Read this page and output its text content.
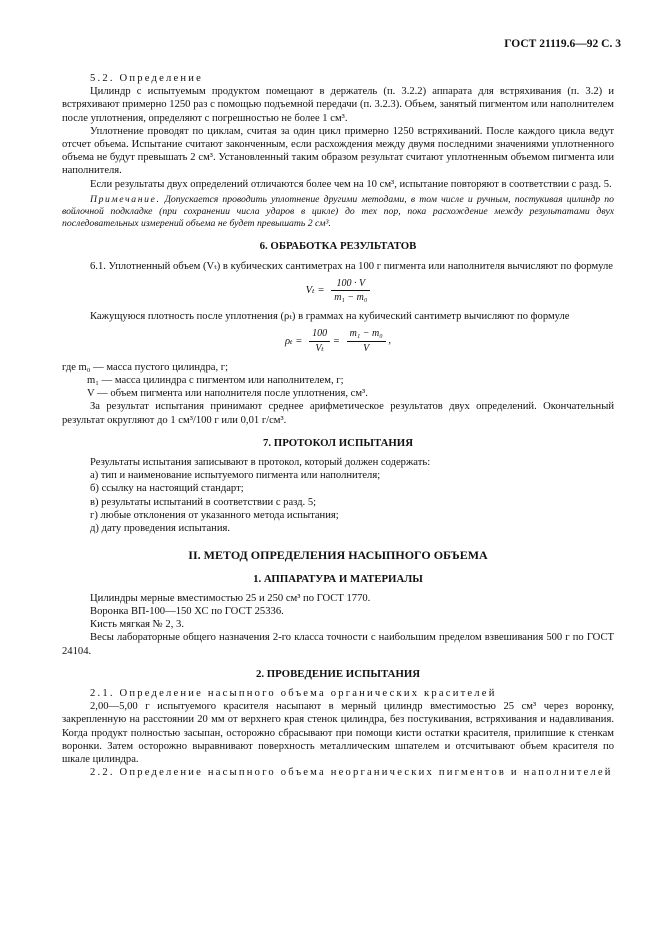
ГОСТ 21119.6—92 С. 3

5.2. Определение

Цилиндр с испытуемым продуктом помещают в держатель (п. 3.2.2) аппарата для встряхивания (п. 3.2) и встряхивают примерно 1250 раз с помощью подъемной передачи (п. 3.2.3). Объем, занятый пигментом или наполнителем после уплотнения, определяют с погрешностью не более 1 см³.

Уплотнение проводят по циклам, считая за один цикл примерно 1250 встряхиваний. После каждого цикла ведут отсчет объема. Испытание считают законченным, если расхождения между двумя последними значениями уплотненного объема не будут превышать 2 см³. Установленный таким образом результат считают уплотненным объемом пигмента или наполнителя.

Если результаты двух определений отличаются более чем на 10 см³, испытание повторяют в соответствии с разд. 5.

Примечание. Допускается проводить уплотнение другими методами, в том числе и ручным, постукивая цилиндр по войлочной подкладке (при сохранении числа ударов в цикле) до тех пор, пока расхождение между результатами двух последовательных измерений объема не будет превышать 2 см³.

6. ОБРАБОТКА РЕЗУЛЬТАТОВ

6.1. Уплотненный объем (Vₜ) в кубических сантиметрах на 100 г пигмента или наполнителя вычисляют по формуле

$V_t = \frac{100 \cdot V}{\text{m₁ − m₀}}$

Кажущуюся плотность после уплотнения (ρₜ) в граммах на кубический сантиметр вычисляют по формуле

$\rho_t = \frac{100}{\text{Vₜ}} = \frac{\text{m₁ − m₀}}{V}$ ,
где m₀ — масса пустого цилиндра, г;
m₁ — масса цилиндра с пигментом или наполнителем, г;
V — объем пигмента или наполнителя после уплотнения, см³.

За результат испытания принимают среднее арифметическое результатов двух определений. Окончательный результат округляют до 1 см³/100 г или 0,01 г/см³.

7. ПРОТОКОЛ ИСПЫТАНИЯ

Результаты испытания записывают в протокол, который должен содержать:

а) тип и наименование испытуемого пигмента или наполнителя;

б) ссылку на настоящий стандарт;

в) результаты испытаний в соответствии с разд. 5;

г) любые отклонения от указанного метода испытания;

д) дату проведения испытания.

II. МЕТОД ОПРЕДЕЛЕНИЯ НАСЫПНОГО ОБЪЕМА
1. АППАРАТУРА И МАТЕРИАЛЫ

Цилиндры мерные вместимостью 25 и 250 см³ по ГОСТ 1770.

Воронка ВП-100—150 ХС по ГОСТ 25336.

Кисть мягкая № 2, 3.

Весы лабораторные общего назначения 2-го класса точности с наибольшим пределом взвешивания 500 г по ГОСТ 24104.

2. ПРОВЕДЕНИЕ ИСПЫТАНИЯ

2.1. Определение насыпного объема органических красителей

2,00—5,00 г испытуемого красителя насыпают в мерный цилиндр вместимостью 25 см³ через воронку, закрепленную на расстоянии 20 мм от верхнего края стенок цилиндра, без постукивания, встряхивания и надавливания. Когда продукт полностью засыпан, осторожно сбрасывают при помощи кисти остатки красителя, прилипшие к стенкам воронки. Затем осторожно выравнивают поверхность металлическим шпателем и отсчитывают объем красителя по шкале цилиндра.

2.2. Определение насыпного объема неорганических пигментов и наполнителей
